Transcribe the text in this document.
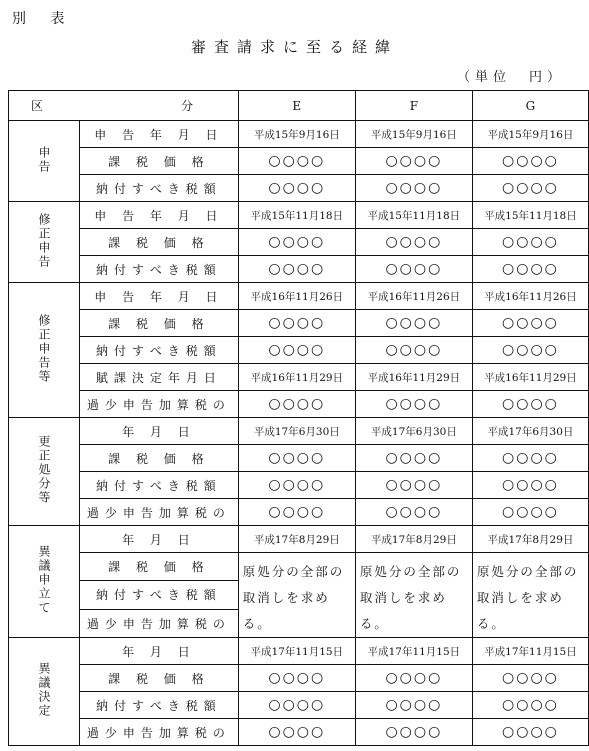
別 表
審査請求に至る経緯
（単位　円）
区 分		E	F	G
申告	申 告 年 月 日	平成15年9月16日	平成15年9月16日	平成15年9月16日
	課 税 価 格	○○○○	○○○○	○○○○
	納付すべき税額	○○○○	○○○○	○○○○
修正申告	申 告 年 月 日	平成15年11月18日	平成15年11月18日	平成15年11月18日
	課 税 価 格	○○○○	○○○○	○○○○
	納付すべき税額	○○○○	○○○○	○○○○
修正申告等	申 告 年 月 日	平成16年11月26日	平成16年11月26日	平成16年11月26日
	課 税 価 格	○○○○	○○○○	○○○○
	納付すべき税額	○○○○	○○○○	○○○○
	賦課決定年月日	平成16年11月29日	平成16年11月29日	平成16年11月29日
	過少申告加算税の	○○○○	○○○○	○○○○
更正処分等	年 月 日	平成17年6月30日	平成17年6月30日	平成17年6月30日
	課 税 価 格	○○○○	○○○○	○○○○
	納付すべき税額	○○○○	○○○○	○○○○
	過少申告加算税の	○○○○	○○○○	○○○○
異議申立て	年 月 日	平成17年8月29日	平成17年8月29日	平成17年8月29日
	課 税 価 格	原処分の全部の取消しを求める。	原処分の全部の取消しを求める。	原処分の全部の取消しを求める。
	納付すべき税額			
	過少申告加算税の			
異議決定	年 月 日	平成17年11月15日	平成17年11月15日	平成17年11月15日
	課 税 価 格	○○○○	○○○○	○○○○
	納付すべき税額	○○○○	○○○○	○○○○
	過少申告加算税の	○○○○	○○○○	○○○○
